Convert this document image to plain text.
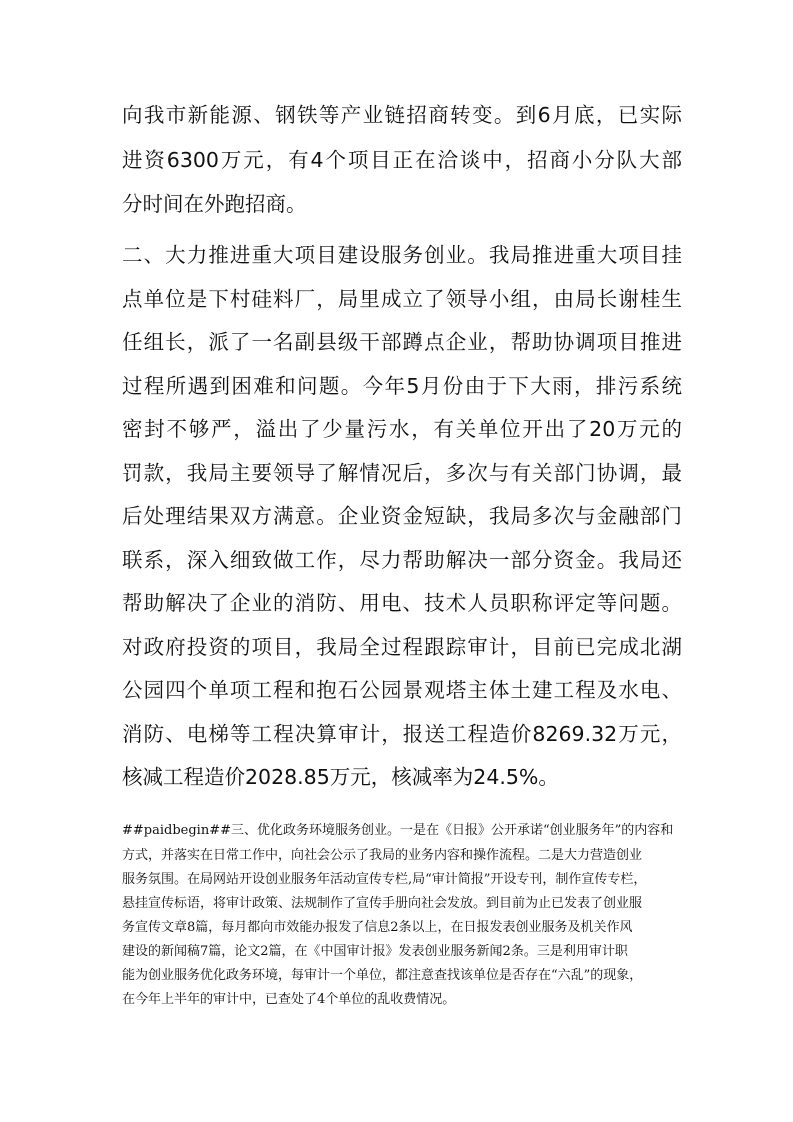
向我市新能源、钢铁等产业链招商转变。到6月底，已实际
进资6300万元，有4个项目正在洽谈中，招商小分队大部
分时间在外跑招商。
二、大力推进重大项目建设服务创业。我局推进重大项目挂
点单位是下村硅料厂，局里成立了领导小组，由局长谢桂生
任组长，派了一名副县级干部蹲点企业，帮助协调项目推进
过程所遇到困难和问题。今年5月份由于下大雨，排污系统
密封不够严，溢出了少量污水，有关单位开出了20万元的
罚款，我局主要领导了解情况后，多次与有关部门协调，最
后处理结果双方满意。企业资金短缺，我局多次与金融部门
联系，深入细致做工作，尽力帮助解决一部分资金。我局还
帮助解决了企业的消防、用电、技术人员职称评定等问题。
对政府投资的项目，我局全过程跟踪审计，目前已完成北湖
公园四个单项工程和抱石公园景观塔主体土建工程及水电、
消防、电梯等工程决算审计，报送工程造价8269.32万元，
核减工程造价2028.85万元，核减率为24.5%。
##paidbegin##三、优化政务环境服务创业。一是在《日报》公开承诺“创业服务年”的内容和
方式，并落实在日常工作中，向社会公示了我局的业务内容和操作流程。二是大力营造创业
服务氛围。在局网站开设创业服务年活动宣传专栏,局“审计简报”开设专刊，制作宣传专栏，
悬挂宣传标语，将审计政策、法规制作了宣传手册向社会发放。到目前为止已发表了创业服
务宣传文章8篇，每月都向市效能办报发了信息2条以上，在日报发表创业服务及机关作风
建设的新闻稿7篇，论文2篇，在《中国审计报》发表创业服务新闻2条。三是利用审计职
能为创业服务优化政务环境，每审计一个单位，都注意查找该单位是否存在“六乱”的现象，
在今年上半年的审计中，已查处了4个单位的乱收费情况。
